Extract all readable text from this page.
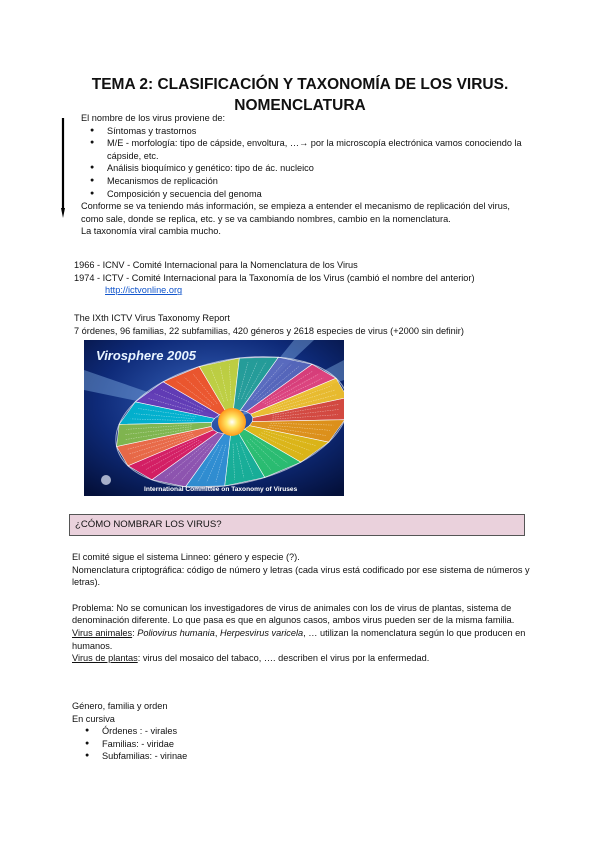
TEMA 2: CLASIFICACIÓN Y TAXONOMÍA DE LOS VIRUS.
NOMENCLATURA

El nombre de los virus proviene de:

● Síntomas y trastornos
● M/E - morfología: tipo de cápside, envoltura, …→ por la microscopía electrónica vamos conociendo la cápside, etc.
● Análisis bioquímico y genético: tipo de ác. nucleico
● Mecanismos de replicación
● Composición y secuencia del genoma

Conforme se va teniendo más información, se empieza a entender el mecanismo de replicación del virus, como sale, donde se replica, etc. y se va cambiando nombres, cambio en la nomenclatura.

La taxonomía viral cambia mucho.

1966 - ICNV - Comité Internacional para la Nomenclatura de los Virus

1974 - ICTV - Comité Internacional para la Taxonomía de los Virus (cambió el nombre del anterior)

http://ictvonline.org

The IXth ICTV Virus Taxonomy Report

7 órdenes, 96 familias, 22 subfamilias, 420 géneros y 2618 especies de virus (+2000 sin definir)

Virosphere 2005
International Committee on Taxonomy of Viruses
¿CÓMO NOMBRAR LOS VIRUS?

El comité sigue el sistema Linneo: género y especie (?).

Nomenclatura criptográfica: código de número y letras (cada virus está codificado por ese sistema de números y letras).

Problema: No se comunican los investigadores de virus de animales con los de virus de plantas, sistema de denominación diferente. Lo que pasa es que en algunos casos, ambos virus pueden ser de la misma familia.

Virus animales: Poliovirus humania, Herpesvirus varicela, … utilizan la nomenclatura según lo que producen en humanos.

Virus de plantas: virus del mosaico del tabaco, …. describen el virus por la enfermedad.

Género, familia y orden

En cursiva

● Órdenes : - virales
● Familias: - viridae
● Subfamilias: - virinae
